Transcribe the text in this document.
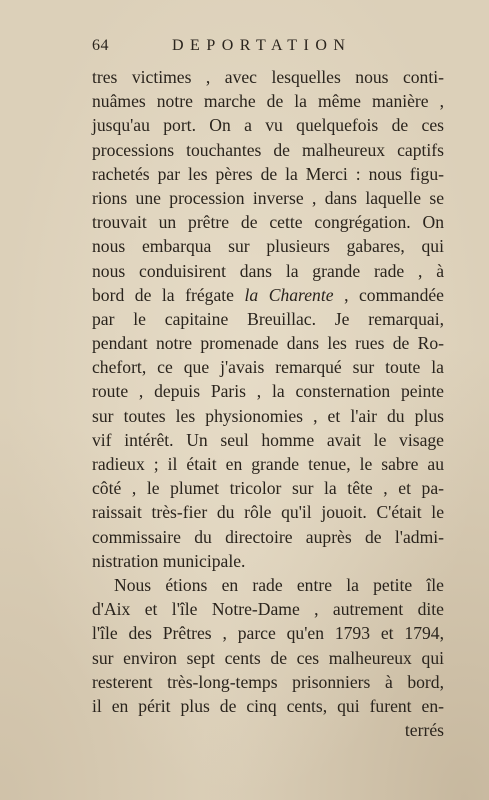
64	DEPORTATION
tres victimes , avec lesquelles nous conti-
nuâmes notre marche de la même manière ,
jusqu'au port. On a vu quelquefois de ces
processions touchantes de malheureux captifs
rachetés par les pères de la Merci : nous figu-
rions une procession inverse , dans laquelle se
trouvait un prêtre de cette congrégation. On
nous embarqua sur plusieurs gabares, qui
nous conduisirent dans la grande rade , à
bord de la frégate la Charente , commandée
par le capitaine Breuillac. Je remarquai,
pendant notre promenade dans les rues de Ro-
chefort, ce que j'avais remarqué sur toute la
route , depuis Paris , la consternation peinte
sur toutes les physionomies , et l'air du plus
vif intérêt. Un seul homme avait le visage
radieux ; il était en grande tenue, le sabre au
côté , le plumet tricolor sur la tête , et pa-
raissait très-fier du rôle qu'il jouoit. C'était le
commissaire du directoire auprès de l'admi-
nistration municipale.
Nous étions en rade entre la petite île
d'Aix et l'île Notre-Dame , autrement dite
l'île des Prêtres , parce qu'en 1793 et 1794,
sur environ sept cents de ces malheureux qui
resterent très-long-temps prisonniers à bord,
il en périt plus de cinq cents, qui furent en-
terrés
